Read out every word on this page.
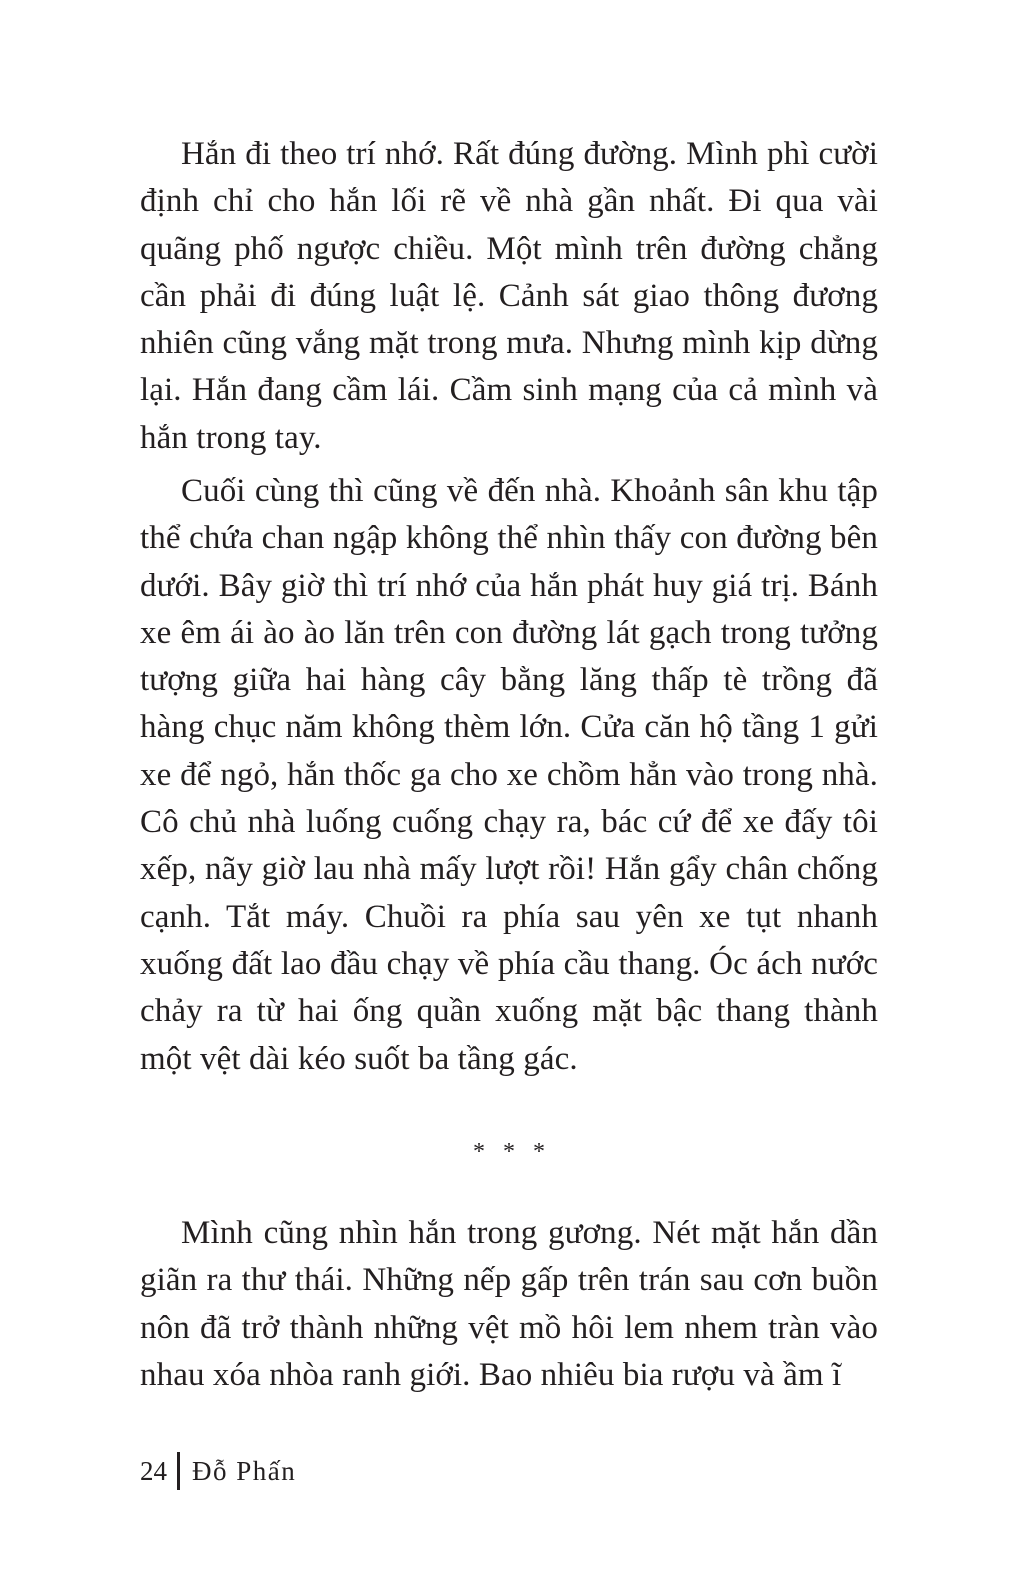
Hắn đi theo trí nhớ. Rất đúng đường. Mình phì cười định chỉ cho hắn lối rẽ về nhà gần nhất. Đi qua vài quãng phố ngược chiều. Một mình trên đường chẳng cần phải đi đúng luật lệ. Cảnh sát giao thông đương nhiên cũng vắng mặt trong mưa. Nhưng mình kịp dừng lại. Hắn đang cầm lái. Cầm sinh mạng của cả mình và hắn trong tay.

Cuối cùng thì cũng về đến nhà. Khoảnh sân khu tập thể chứa chan ngập không thể nhìn thấy con đường bên dưới. Bây giờ thì trí nhớ của hắn phát huy giá trị. Bánh xe êm ái ào ào lăn trên con đường lát gạch trong tưởng tượng giữa hai hàng cây bằng lăng thấp tè trồng đã hàng chục năm không thèm lớn. Cửa căn hộ tầng 1 gửi xe để ngỏ, hắn thốc ga cho xe chồm hẳn vào trong nhà. Cô chủ nhà luống cuống chạy ra, bác cứ để xe đấy tôi xếp, nãy giờ lau nhà mấy lượt rồi! Hắn gẩy chân chống cạnh. Tắt máy. Chuồi ra phía sau yên xe tụt nhanh xuống đất lao đầu chạy về phía cầu thang. Óc ách nước chảy ra từ hai ống quần xuống mặt bậc thang thành một vệt dài kéo suốt ba tầng gác.

* * *

Mình cũng nhìn hắn trong gương. Nét mặt hắn dần giãn ra thư thái. Những nếp gấp trên trán sau cơn buồn nôn đã trở thành những vệt mồ hôi lem nhem tràn vào nhau xóa nhòa ranh giới. Bao nhiêu bia rượu và ầm ĩ

24 Đỗ Phấn
